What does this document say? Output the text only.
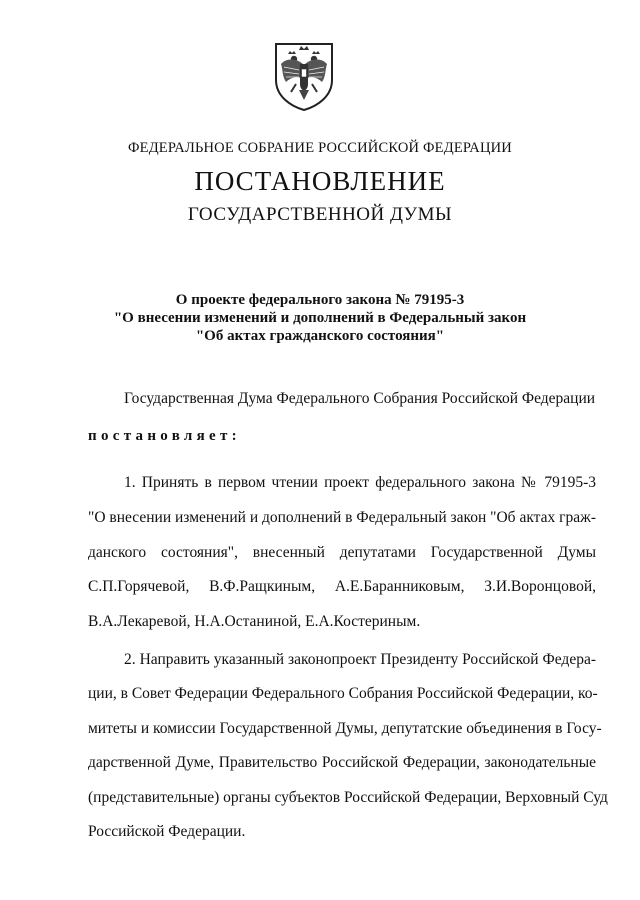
ФЕДЕРАЛЬНОЕ СОБРАНИЕ РОССИЙСКОЙ ФЕДЕРАЦИИ
ПОСТАНОВЛЕНИЕ
ГОСУДАРСТВЕННОЙ ДУМЫ
О проекте федерального закона № 79195-3
"О внесении изменений и дополнений в Федеральный закон
"Об актах гражданского состояния"
Государственная Дума Федерального Собрания Российской Федерации
постановляет:
1. Принять в первом чтении проект федерального закона № 79195-3
"О внесении изменений и дополнений в Федеральный закон "Об актах граж-
данского состояния", внесенный депутатами Государственной Думы
С.П.Горячевой, В.Ф.Ращкиным, А.Е.Баранниковым, З.И.Воронцовой,
В.А.Лекаревой, Н.А.Останиной, Е.А.Костериным.
2. Направить указанный законопроект Президенту Российской Федера-
ции, в Совет Федерации Федерального Собрания Российской Федерации, ко-
митеты и комиссии Государственной Думы, депутатские объединения в Госу-
дарственной Думе, Правительство Российской Федерации, законодательные
(представительные) органы субъектов Российской Федерации, Верховный Суд
Российской Федерации.
